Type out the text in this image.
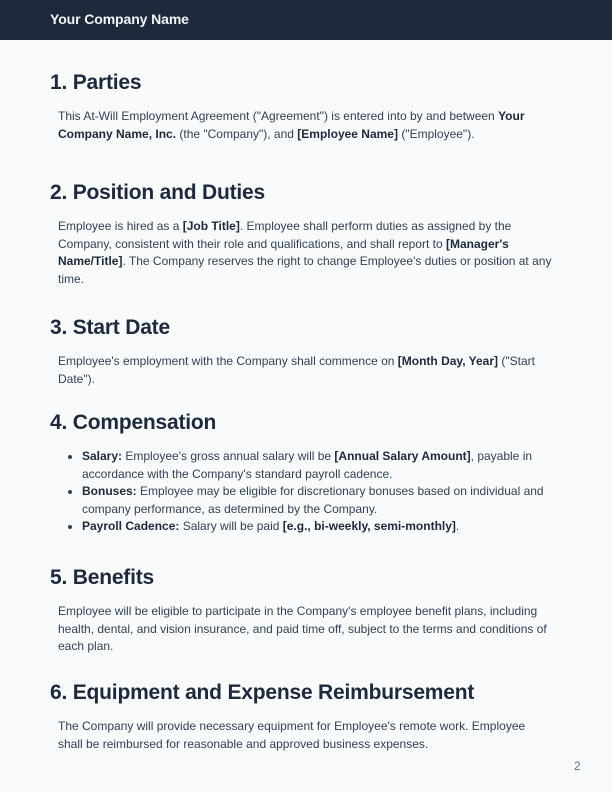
Your Company Name
1. Parties

This At-Will Employment Agreement ("Agreement") is entered into by and between Your Company Name, Inc. (the "Company"), and [Employee Name] ("Employee").

2. Position and Duties

Employee is hired as a [Job Title]. Employee shall perform duties as assigned by the Company, consistent with their role and qualifications, and shall report to [Manager's Name/Title]. The Company reserves the right to change Employee's duties or position at any time.

3. Start Date

Employee's employment with the Company shall commence on [Month Day, Year] ("Start Date").

4. Compensation
• Salary: Employee's gross annual salary will be [Annual Salary Amount], payable in accordance with the Company's standard payroll cadence.
• Bonuses: Employee may be eligible for discretionary bonuses based on individual and company performance, as determined by the Company.
• Payroll Cadence: Salary will be paid [e.g., bi-weekly, semi-monthly].
5. Benefits

Employee will be eligible to participate in the Company's employee benefit plans, including health, dental, and vision insurance, and paid time off, subject to the terms and conditions of each plan.

6. Equipment and Expense Reimbursement

The Company will provide necessary equipment for Employee's remote work. Employee shall be reimbursed for reasonable and approved business expenses.

2
